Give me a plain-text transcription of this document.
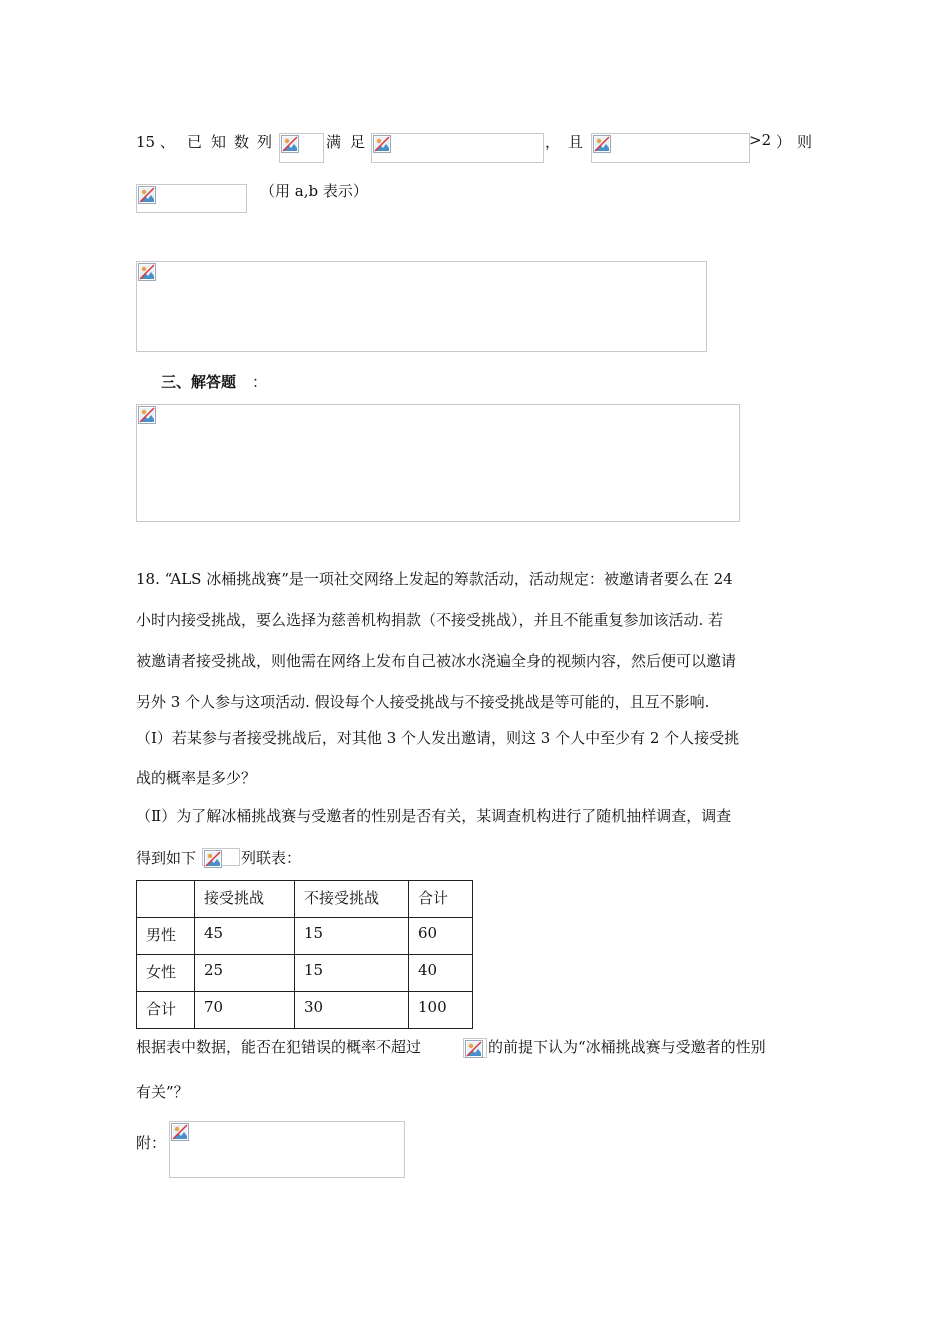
15 、 已 知 数 列	满 足	， 且	>2 ） 则
（用 a,b 表示）
三、解答题 ：
18. “ALS 冰桶挑战赛”是一项社交网络上发起的筹款活动，活动规定：被邀请者要么在 24
小时内接受挑战，要么选择为慈善机构捐款（不接受挑战），并且不能重复参加该活动. 若
被邀请者接受挑战，则他需在网络上发布自己被冰水浇遍全身的视频内容，然后便可以邀请
另外 3 个人参与这项活动. 假设每个人接受挑战与不接受挑战是等可能的，且互不影响.
（Ⅰ）若某参与者接受挑战后，对其他 3 个人发出邀请，则这 3 个人中至少有 2 个人接受挑
战的概率是多少？
（Ⅱ）为了解冰桶挑战赛与受邀者的性别是否有关，某调查机构进行了随机抽样调查，调查
得到如下	列联表：
	接受挑战	不接受挑战	合计
男性	45	15	60
女性	25	15	40
合计	70	30	100
根据表中数据，能否在犯错误的概率不超过	的前提下认为“冰桶挑战赛与受邀者的性别
有关”？
附：
